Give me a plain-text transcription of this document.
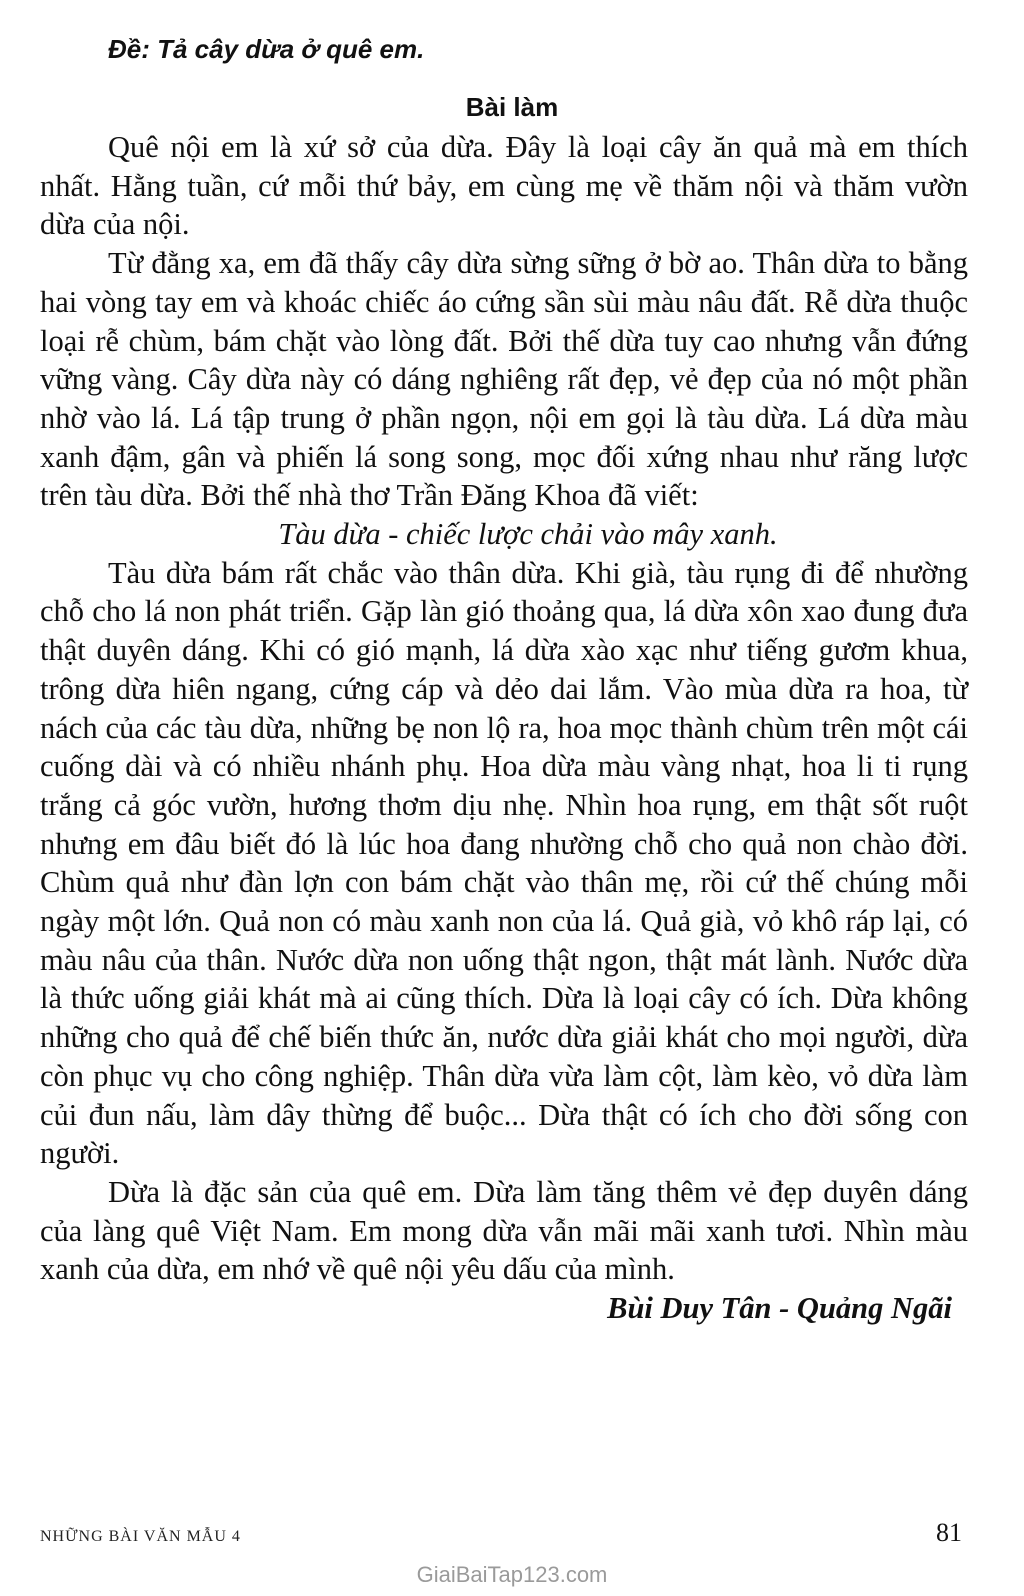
Đề: Tả cây dừa ở quê em.
Bài làm

Quê nội em là xứ sở của dừa. Đây là loại cây ăn quả mà em thích nhất. Hằng tuần, cứ mỗi thứ bảy, em cùng mẹ về thăm nội và thăm vườn dừa của nội.

Từ đằng xa, em đã thấy cây dừa sừng sững ở bờ ao. Thân dừa to bằng hai vòng tay em và khoác chiếc áo cứng sần sùi màu nâu đất. Rễ dừa thuộc loại rễ chùm, bám chặt vào lòng đất. Bởi thế dừa tuy cao nhưng vẫn đứng vững vàng. Cây dừa này có dáng nghiêng rất đẹp, vẻ đẹp của nó một phần nhờ vào lá. Lá tập trung ở phần ngọn, nội em gọi là tàu dừa. Lá dừa màu xanh đậm, gân và phiến lá song song, mọc đối xứng nhau như răng lược trên tàu dừa. Bởi thế nhà thơ Trần Đăng Khoa đã viết:

Tàu dừa - chiếc lược chải vào mây xanh.

Tàu dừa bám rất chắc vào thân dừa. Khi già, tàu rụng đi để nhường chỗ cho lá non phát triển. Gặp làn gió thoảng qua, lá dừa xôn xao đung đưa thật duyên dáng. Khi có gió mạnh, lá dừa xào xạc như tiếng gươm khua, trông dừa hiên ngang, cứng cáp và dẻo dai lắm. Vào mùa dừa ra hoa, từ nách của các tàu dừa, những bẹ non lộ ra, hoa mọc thành chùm trên một cái cuống dài và có nhiều nhánh phụ. Hoa dừa màu vàng nhạt, hoa li ti rụng trắng cả góc vườn, hương thơm dịu nhẹ. Nhìn hoa rụng, em thật sốt ruột nhưng em đâu biết đó là lúc hoa đang nhường chỗ cho quả non chào đời. Chùm quả như đàn lợn con bám chặt vào thân mẹ, rồi cứ thế chúng mỗi ngày một lớn. Quả non có màu xanh non của lá. Quả già, vỏ khô ráp lại, có màu nâu của thân. Nước dừa non uống thật ngon, thật mát lành. Nước dừa là thức uống giải khát mà ai cũng thích. Dừa là loại cây có ích. Dừa không những cho quả để chế biến thức ăn, nước dừa giải khát cho mọi người, dừa còn phục vụ cho công nghiệp. Thân dừa vừa làm cột, làm kèo, vỏ dừa làm củi đun nấu, làm dây thừng để buộc... Dừa thật có ích cho đời sống con người.

Dừa là đặc sản của quê em. Dừa làm tăng thêm vẻ đẹp duyên dáng của làng quê Việt Nam. Em mong dừa vẫn mãi mãi xanh tươi. Nhìn màu xanh của dừa, em nhớ về quê nội yêu dấu của mình.
Bùi Duy Tân - Quảng Ngãi

NHỮNG BÀI VĂN MẪU 4	81
GiaiBaiTap123.com
